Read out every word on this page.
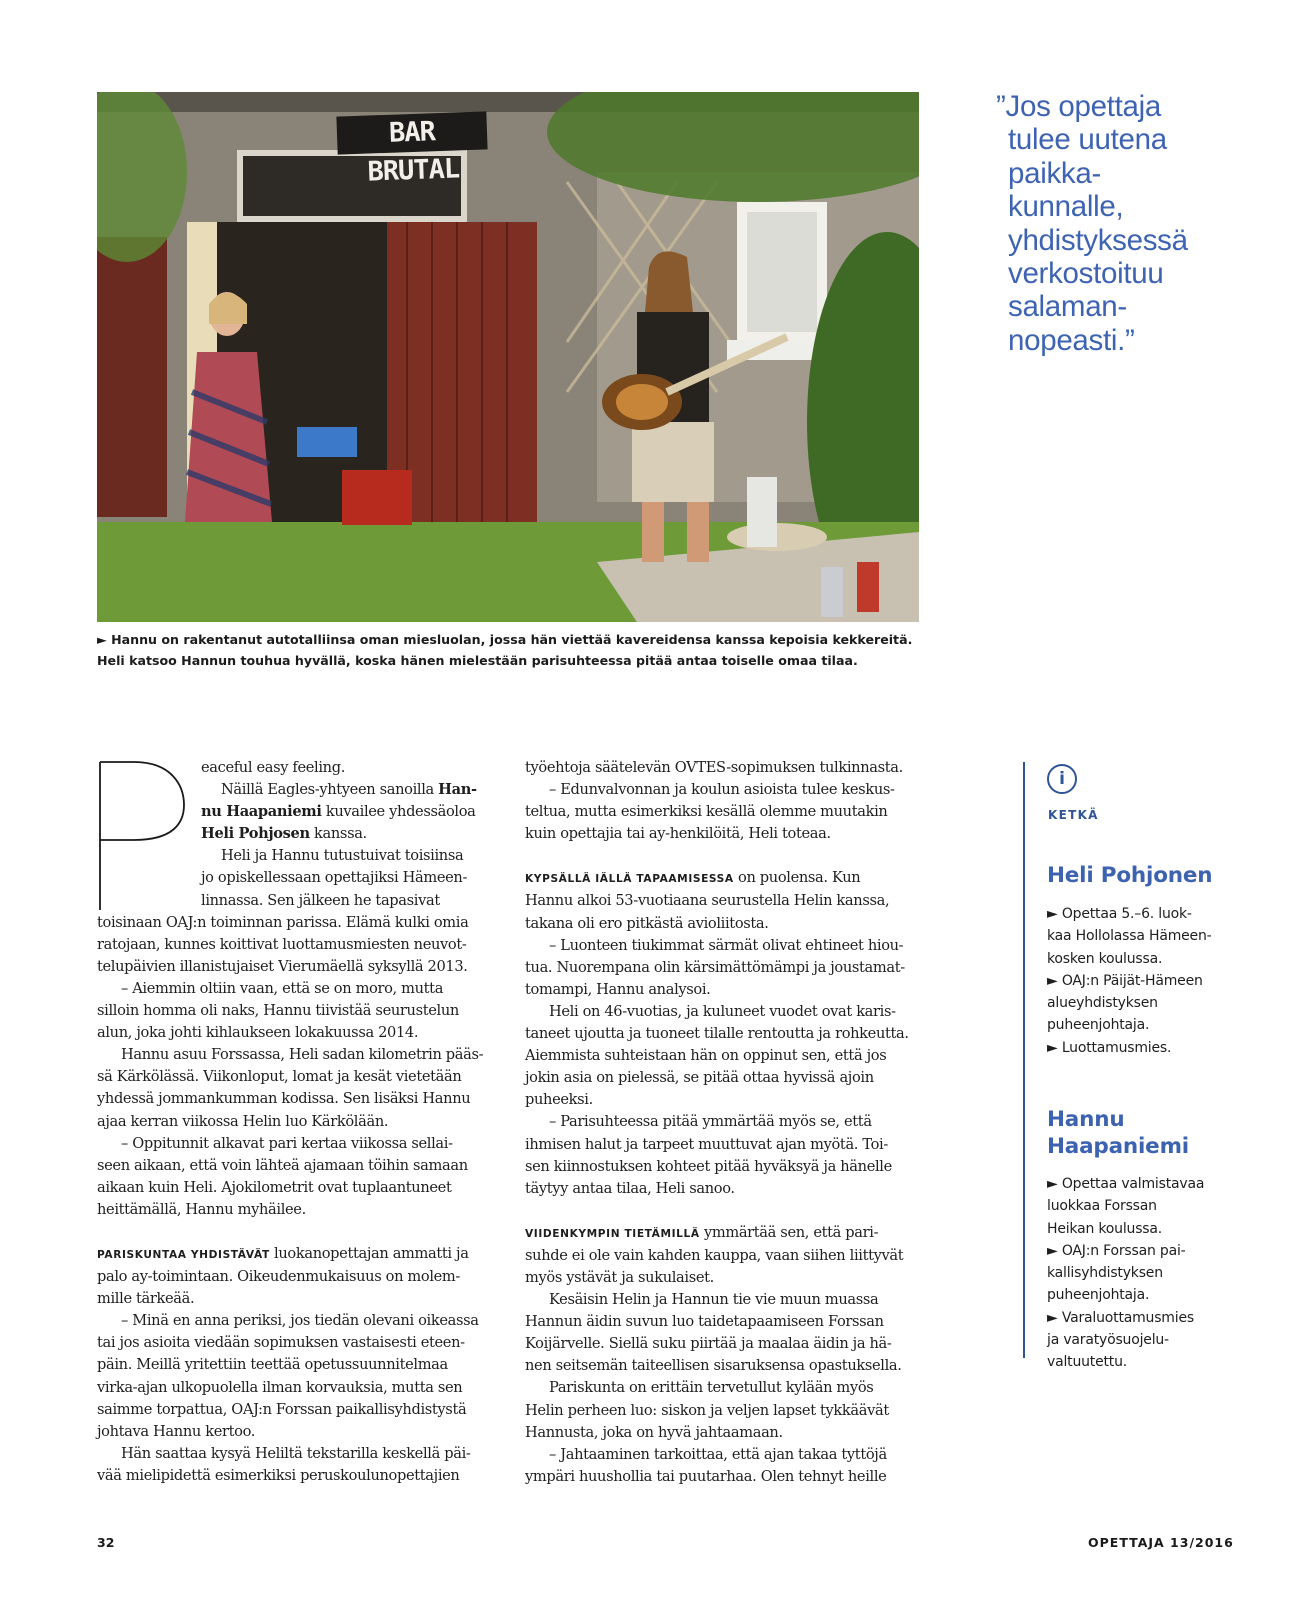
BAR BRUTAL

► Hannu on rakentanut autotalliinsa oman miesluolan, jossa hän viettää kavereidensa kanssa kepoisia kekkereitä.

Heli katsoo Hannun touhua hyvällä, koska hänen mielestään parisuhteessa pitää antaa toiselle omaa tilaa.

”Jos opettaja

tulee uutena

paikka-

kunnalle,

yhdistyksessä

verkostoituu

salaman-

nopeasti.”

eaceful easy feeling.

Näillä Eagles-yhtyeen sanoilla Han-

nu Haapaniemi kuvailee yhdessäoloa

Heli Pohjosen kanssa.

Heli ja Hannu tutustuivat toisiinsa

jo opiskellessaan opettajiksi Hämeen-

linnassa. Sen jälkeen he tapasivat

toisinaan OAJ:n toiminnan parissa. Elämä kulki omia

ratojaan, kunnes koittivat luottamusmiesten neuvot-

telupäivien illanistujaiset Vierumäellä syksyllä 2013.

– Aiemmin oltiin vaan, että se on moro, mutta

silloin homma oli naks, Hannu tiivistää seurustelun

alun, joka johti kihlaukseen lokakuussa 2014.

Hannu asuu Forssassa, Heli sadan kilometrin pääs-

sä Kärkölässä. Viikonloput, lomat ja kesät vietetään

yhdessä jommankumman kodissa. Sen lisäksi Hannu

ajaa kerran viikossa Helin luo Kärkölään.

– Oppitunnit alkavat pari kertaa viikossa sellai-

seen aikaan, että voin lähteä ajamaan töihin samaan

aikaan kuin Heli. Ajokilometrit ovat tuplaantuneet

heittämällä, Hannu myhäilee.

PARISKUNTAA YHDISTÄVÄT luokanopettajan ammatti ja

palo ay-toimintaan. Oikeudenmukaisuus on molem-

mille tärkeää.

– Minä en anna periksi, jos tiedän olevani oikeassa

tai jos asioita viedään sopimuksen vastaisesti eteen-

päin. Meillä yritettiin teettää opetussuunnitelmaa

virka-ajan ulkopuolella ilman korvauksia, mutta sen

saimme torpattua, OAJ:n Forssan paikallisyhdistystä

johtava Hannu kertoo.

Hän saattaa kysyä Heliltä tekstarilla keskellä päi-

vää mielipidettä esimerkiksi peruskoulunopettajien

työehtoja säätelevän OVTES-sopimuksen tulkinnasta.

– Edunvalvonnan ja koulun asioista tulee keskus-

teltua, mutta esimerkiksi kesällä olemme muutakin

kuin opettajia tai ay-henkilöitä, Heli toteaa.

KYPSÄLLÄ IÄLLÄ TAPAAMISESSA on puolensa. Kun

Hannu alkoi 53-vuotiaana seurustella Helin kanssa,

takana oli ero pitkästä avioliitosta.

– Luonteen tiukimmat särmät olivat ehtineet hiou-

tua. Nuorempana olin kärsimättömämpi ja joustamat-

tomampi, Hannu analysoi.

Heli on 46-vuotias, ja kuluneet vuodet ovat karis-

taneet ujoutta ja tuoneet tilalle rentoutta ja rohkeutta.

Aiemmista suhteistaan hän on oppinut sen, että jos

jokin asia on pielessä, se pitää ottaa hyvissä ajoin

puheeksi.

– Parisuhteessa pitää ymmärtää myös se, että

ihmisen halut ja tarpeet muuttuvat ajan myötä. Toi-

sen kiinnostuksen kohteet pitää hyväksyä ja hänelle

täytyy antaa tilaa, Heli sanoo.

VIIDENKYMPIN TIETÄMILLÄ ymmärtää sen, että pari-

suhde ei ole vain kahden kauppa, vaan siihen liittyvät

myös ystävät ja sukulaiset.

Kesäisin Helin ja Hannun tie vie muun muassa

Hannun äidin suvun luo taidetapaamiseen Forssan

Koijärvelle. Siellä suku piirtää ja maalaa äidin ja hä-

nen seitsemän taiteellisen sisaruksensa opastuksella.

Pariskunta on erittäin tervetullut kylään myös

Helin perheen luo: siskon ja veljen lapset tykkäävät

Hannusta, joka on hyvä jahtaamaan.

– Jahtaaminen tarkoittaa, että ajan takaa tyttöjä

ympäri huushollia tai puutarhaa. Olen tehnyt heille

i
KETKÄ
Heli Pohjonen

► Opettaa 5.–6. luok-

kaa Hollolassa Hämeen-

kosken koulussa.

► OAJ:n Päijät-Hämeen

alueyhdistyksen

puheenjohtaja.

► Luottamusmies.

Hannu
Haapaniemi

► Opettaa valmistavaa

luokkaa Forssan

Heikan koulussa.

► OAJ:n Forssan pai-

kallisyhdistyksen

puheenjohtaja.

► Varaluottamusmies

ja varatyösuojelu-

valtuutettu.

32	OPETTAJA 13/2016
